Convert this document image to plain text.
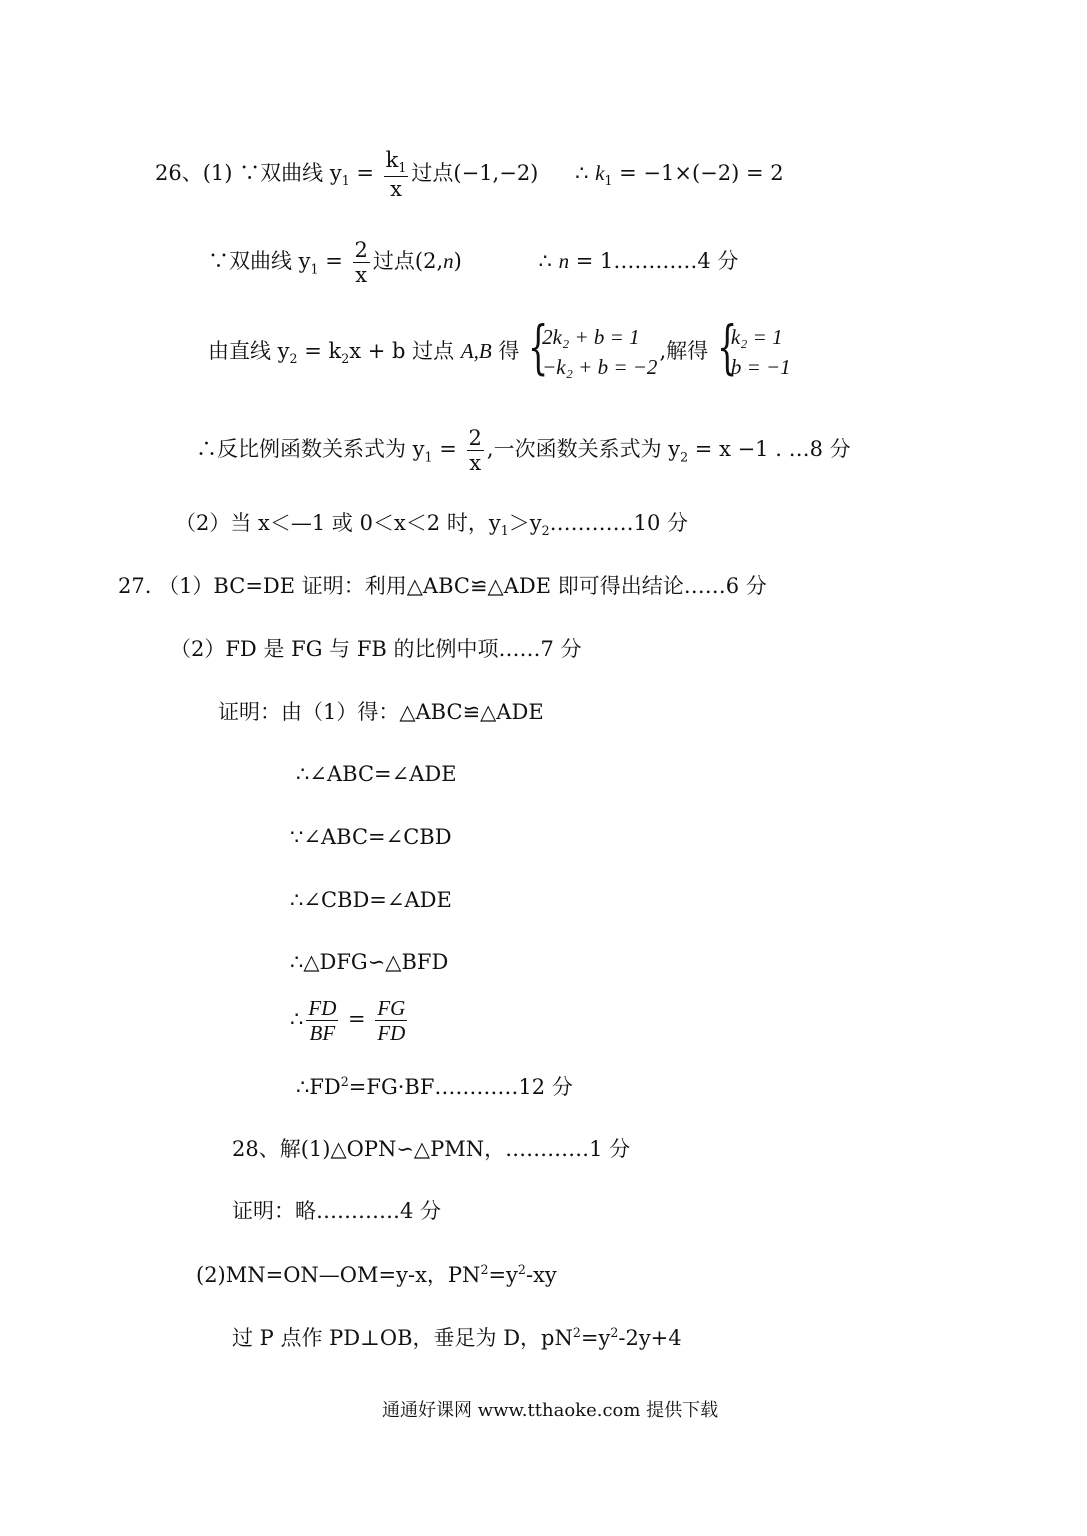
26、(1) ∵双曲线 $y_1 = \frac{k_1}{x}$ 过点(−1,−2) ∴ $k_1 = -1\times(-2) = 2$
∵双曲线 $y_1 = \frac{2}{x}$ 过点(2,n)	∴ n = 1…………4 分
由直线 $y_2 = k_2x + b$ 过点 A,B 得 {
2k₂ + b = 1
−k₂ + b = −2
,解得 {
k₂ = 1
b = −1
∴反比例函数关系式为 $y_1 = \frac{2}{x}$ ,一次函数关系式为 $y_2 = x -1$ . …8 分
（2）当 x＜—1 或 0＜x＜2 时，$y_1>y_2\dots\dots\dots\dots 10$ 分
27. （1）BC=DE 证明：利用△ABC≌△ADE 即可得出结论……6 分
（2）FD 是 FG 与 FB 的比例中项……7 分
证明：由（1）得：△ABC≌△ADE
∴∠ABC=∠ADE
∵∠ABC=∠CBD
∴∠CBD=∠ADE
∴△DFG∽△BFD
∴ $\frac{FD}{BF} = \frac{FG}{FD}$
$\therefore FD^2=FG\cdot BF\dots\dots\dots\dots 12$ 分
28、解(1)△OPN∽△PMN，…………1 分
证明：略…………4 分
(2)MN=ON—OM=y-x，$PN^2=y^2-xy$
过 P 点作 PD⊥OB，垂足为 D，$pN^2=y^2-2y+4$
通通好课网 www.tthaoke.com 提供下载
